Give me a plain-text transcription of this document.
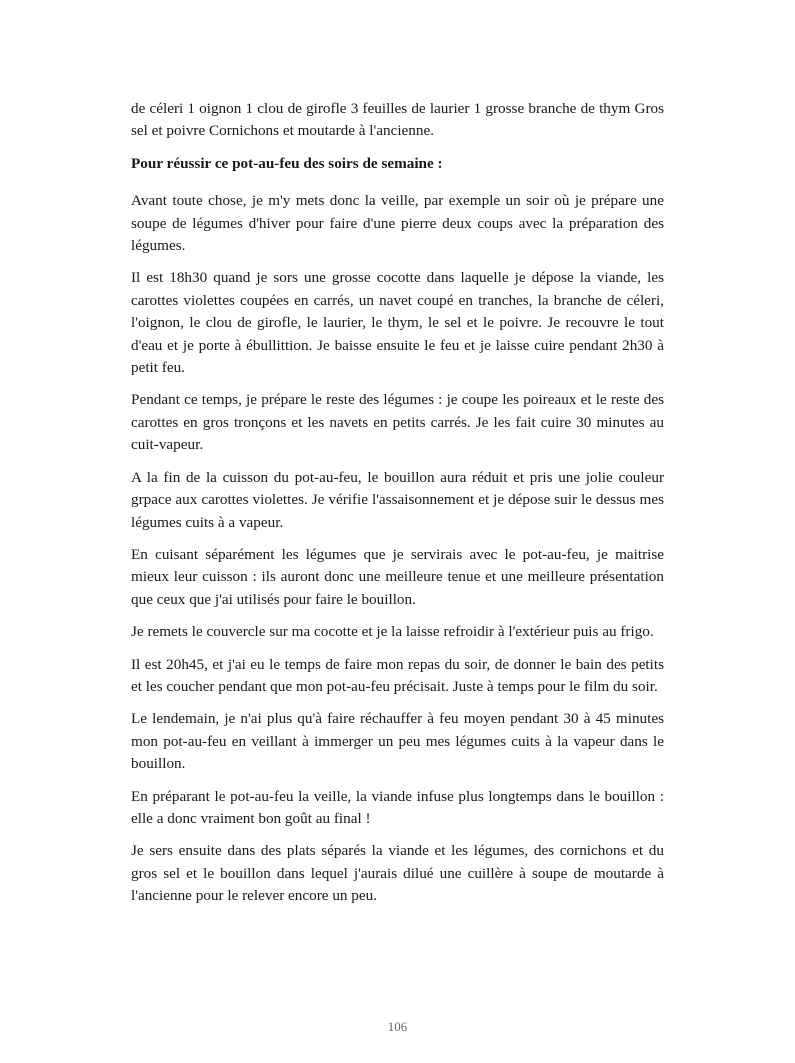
de céleri 1 oignon 1 clou de girofle 3 feuilles de laurier 1 grosse branche de thym Gros sel et poivre Cornichons et moutarde à l'ancienne.

Pour réussir ce pot-au-feu des soirs de semaine :

Avant toute chose, je m'y mets donc la veille, par exemple un soir où je prépare une soupe de légumes d'hiver pour faire d'une pierre deux coups avec la préparation des légumes.

Il est 18h30 quand je sors une grosse cocotte dans laquelle je dépose la viande, les carottes violettes coupées en carrés, un navet coupé en tranches, la branche de céleri, l'oignon, le clou de girofle, le laurier, le thym, le sel et le poivre. Je recouvre le tout d'eau et je porte à ébullittion. Je baisse ensuite le feu et je laisse cuire pendant 2h30 à petit feu.

Pendant ce temps, je prépare le reste des légumes : je coupe les poireaux et le reste des carottes en gros tronçons et les navets en petits carrés. Je les fait cuire 30 minutes au cuit-vapeur.

A la fin de la cuisson du pot-au-feu, le bouillon aura réduit et pris une jolie couleur grpace aux carottes violettes. Je vérifie l'assaisonnement et je dépose suir le dessus mes légumes cuits à a vapeur.

En cuisant séparément les légumes que je servirais avec le pot-au-feu, je maitrise mieux leur cuisson : ils auront donc une meilleure tenue et une meilleure présentation que ceux que j'ai utilisés pour faire le bouillon.

Je remets le couvercle sur ma cocotte et je la laisse refroidir à l'extérieur puis au frigo.

Il est 20h45, et j'ai eu le temps de faire mon repas du soir, de donner le bain des petits et les coucher pendant que mon pot-au-feu précisait. Juste à temps pour le film du soir.

Le lendemain, je n'ai plus qu'à faire réchauffer à feu moyen pendant 30 à 45 minutes mon pot-au-feu en veillant à immerger un peu mes légumes cuits à la vapeur dans le bouillon.

En préparant le pot-au-feu la veille, la viande infuse plus longtemps dans le bouillon : elle a donc vraiment bon goût au final !

Je sers ensuite dans des plats séparés la viande et les légumes, des cornichons et du gros sel et le bouillon dans lequel j'aurais dilué une cuillère à soupe de moutarde à l'ancienne pour le relever encore un peu.

106
